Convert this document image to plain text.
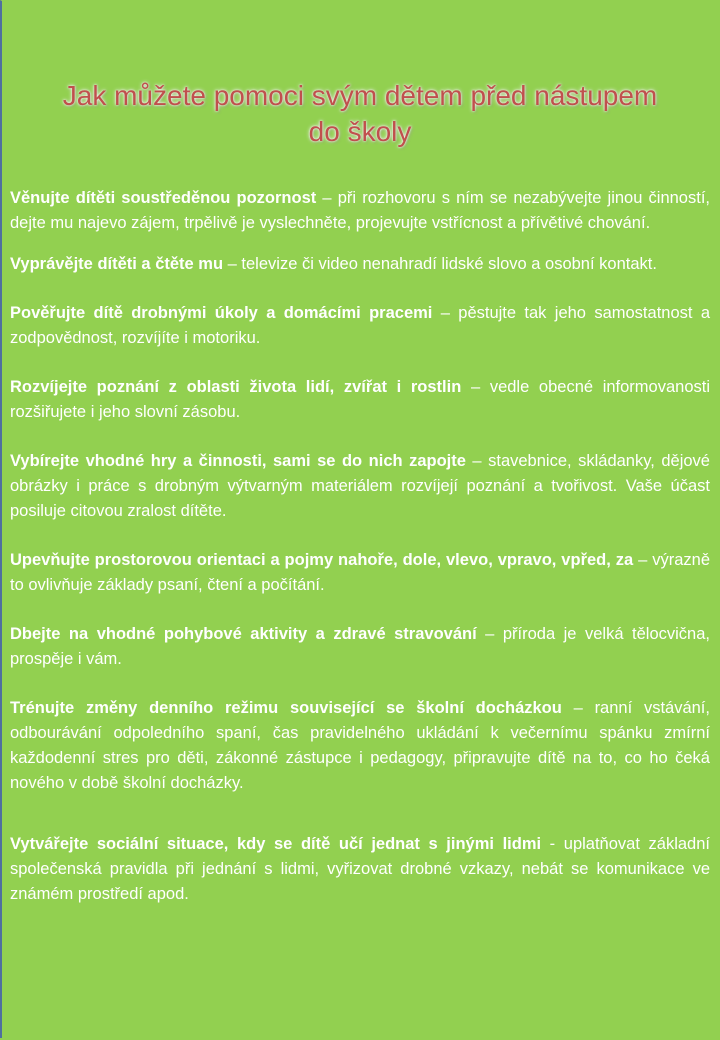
Jak můžete pomoci svým dětem před nástupem
do školy

Věnujte dítěti soustředěnou pozornost – při rozhovoru s ním se nezabývejte jinou činností, dejte mu najevo zájem, trpělivě je vyslechněte, projevujte vstřícnost a přívětivé chování.

Vyprávějte dítěti a čtěte mu – televize či video nenahradí lidské slovo a osobní kontakt.

Pověřujte dítě drobnými úkoly a domácími pracemi – pěstujte tak jeho samostatnost a zodpovědnost, rozvíjíte i motoriku.

Rozvíjejte poznání z oblasti života lidí, zvířat i rostlin – vedle obecné informovanosti rozšiřujete i jeho slovní zásobu.

Vybírejte vhodné hry a činnosti, sami se do nich zapojte – stavebnice, skládanky, dějové obrázky i práce s drobným výtvarným materiálem rozvíjejí poznání a tvořivost. Vaše účast posiluje citovou zralost dítěte.

Upevňujte prostorovou orientaci a pojmy nahoře, dole, vlevo, vpravo, vpřed, za – výrazně to ovlivňuje základy psaní, čtení a počítání.

Dbejte na vhodné pohybové aktivity a zdravé stravování – příroda je velká tělocvična, prospěje i vám.

Trénujte změny denního režimu související se školní docházkou – ranní vstávání, odbourávání odpoledního spaní, čas pravidelného ukládání k večernímu spánku zmírní každodenní stres pro děti, zákonné zástupce i pedagogy, připravujte dítě na to, co ho čeká nového v době školní docházky.

Vytvářejte sociální situace, kdy se dítě učí jednat s jinými lidmi - uplatňovat základní společenská pravidla při jednání s lidmi, vyřizovat drobné vzkazy, nebát se komunikace ve známém prostředí apod.
